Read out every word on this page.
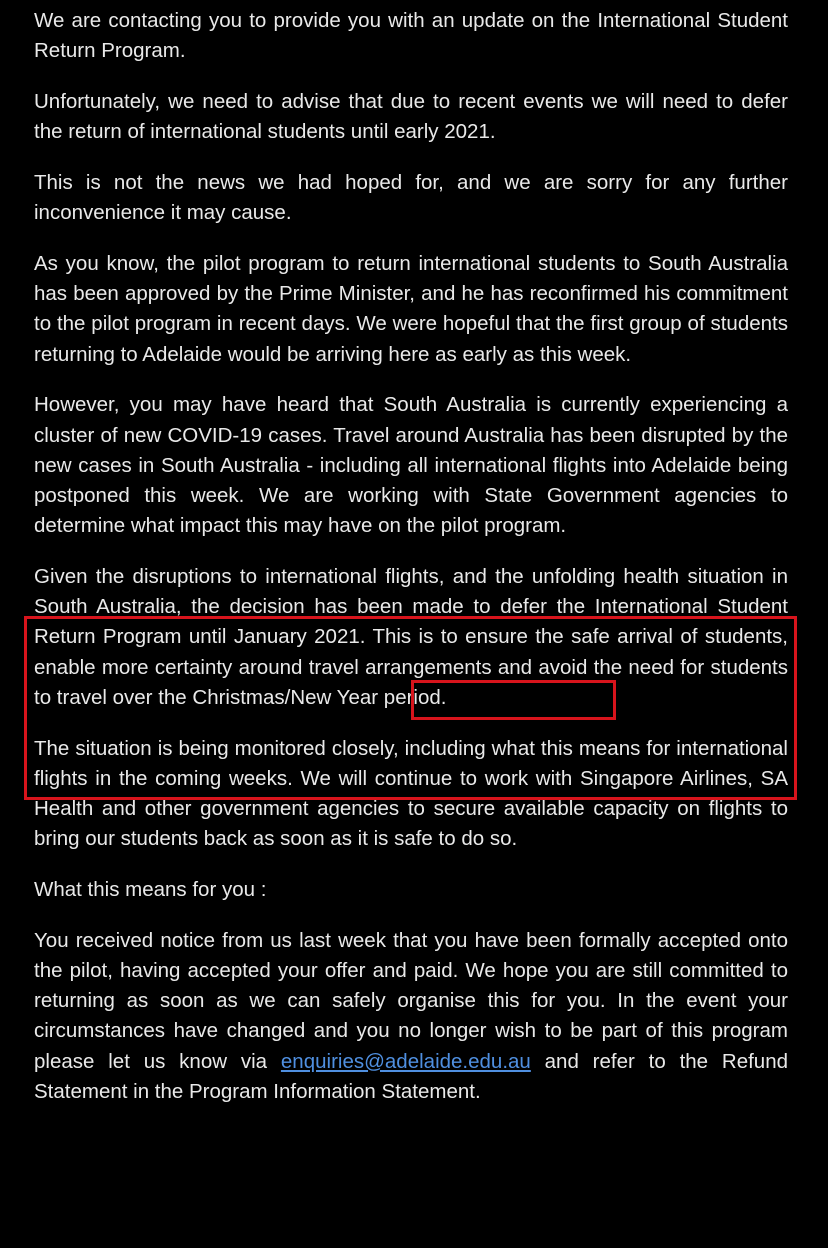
We are contacting you to provide you with an update on the International Student Return Program.

Unfortunately, we need to advise that due to recent events we will need to defer the return of international students until early 2021.

This is not the news we had hoped for, and we are sorry for any further inconvenience it may cause.

As you know, the pilot program to return international students to South Australia has been approved by the Prime Minister, and he has reconfirmed his commitment to the pilot program in recent days. We were hopeful that the first group of students returning to Adelaide would be arriving here as early as this week.

However, you may have heard that South Australia is currently experiencing a cluster of new COVID-19 cases. Travel around Australia has been disrupted by the new cases in South Australia - including all international flights into Adelaide being postponed this week. We are working with State Government agencies to determine what impact this may have on the pilot program.

Given the disruptions to international flights, and the unfolding health situation in South Australia, the decision has been made to defer the International Student Return Program until January 2021. This is to ensure the safe arrival of students, enable more certainty around travel arrangements and avoid the need for students to travel over the Christmas/New Year period.

The situation is being monitored closely, including what this means for international flights in the coming weeks. We will continue to work with Singapore Airlines, SA Health and other government agencies to secure available capacity on flights to bring our students back as soon as it is safe to do so.

What this means for you :

You received notice from us last week that you have been formally accepted onto the pilot, having accepted your offer and paid. We hope you are still committed to returning as soon as we can safely organise this for you. In the event your circumstances have changed and you no longer wish to be part of this program please let us know via enquiries@adelaide.edu.au and refer to the Refund Statement in the Program Information Statement.
